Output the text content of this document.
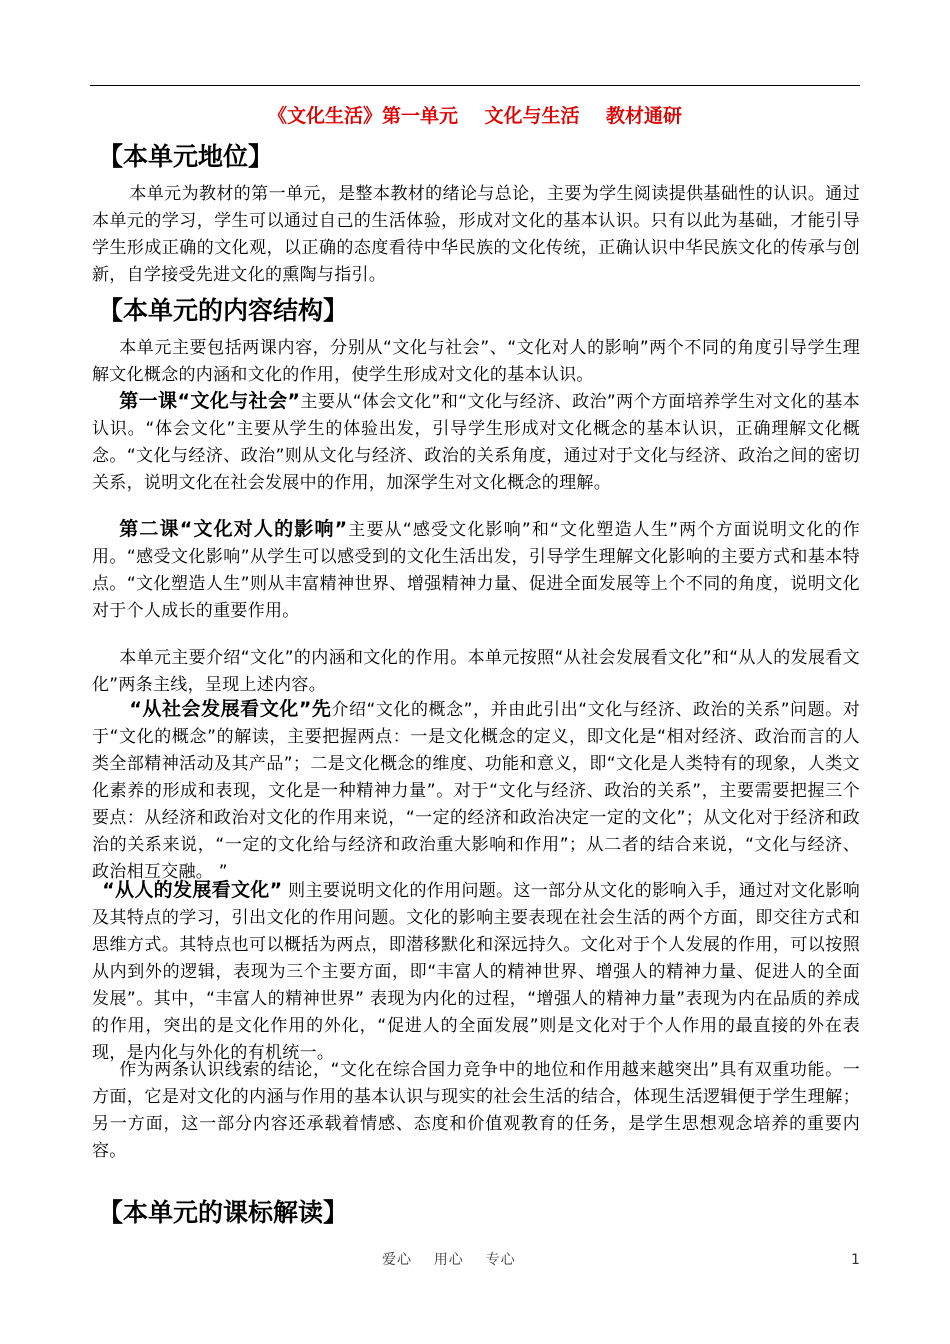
《文化生活》第一单元    文化与生活    教材通研
【本单元地位】
本单元为教材的第一单元，是整本教材的绪论与总论，主要为学生阅读提供基础性的认识。通过本单元的学习，学生可以通过自己的生活体验，形成对文化的基本认识。只有以此为基础，才能引导学生形成正确的文化观，以正确的态度看待中华民族的文化传统，正确认识中华民族文化的传承与创新，自学接受先进文化的熏陶与指引。
【本单元的内容结构】
本单元主要包括两课内容，分别从“文化与社会”、“文化对人的影响”两个不同的角度引导学生理解文化概念的内涵和文化的作用，使学生形成对文化的基本认识。
第一课“文化与社会”主要从“体会文化”和“文化与经济、政治”两个方面培养学生对文化的基本认识。“体会文化”主要从学生的体验出发，引导学生形成对文化概念的基本认识，正确理解文化概念。“文化与经济、政治”则从文化与经济、政治的关系角度，通过对于文化与经济、政治之间的密切关系，说明文化在社会发展中的作用，加深学生对文化概念的理解。
第二课“文化对人的影响”主要从“感受文化影响”和“文化塑造人生”两个方面说明文化的作用。“感受文化影响”从学生可以感受到的文化生活出发，引导学生理解文化影响的主要方式和基本特点。“文化塑造人生”则从丰富精神世界、增强精神力量、促进全面发展等上个不同的角度，说明文化对于个人成长的重要作用。
本单元主要介绍“文化”的内涵和文化的作用。本单元按照“从社会发展看文化”和“从人的发展看文化”两条主线，呈现上述内容。
“从社会发展看文化”先介绍“文化的概念”，并由此引出“文化与经济、政治的关系”问题。对于“文化的概念”的解读，主要把握两点：一是文化概念的定义，即文化是“相对经济、政治而言的人类全部精神活动及其产品”；二是文化概念的维度、功能和意义，即“文化是人类特有的现象，人类文化素养的形成和表现，文化是一种精神力量”。对于“文化与经济、政治的关系”，主要需要把握三个要点：从经济和政治对文化的作用来说，“一定的经济和政治决定一定的文化”；从文化对于经济和政治的关系来说，“一定的文化给与经济和政治重大影响和作用”；从二者的结合来说，“文化与经济、政治相互交融。 ”
“从人的发展看文化” 则主要说明文化的作用问题。这一部分从文化的影响入手，通过对文化影响及其特点的学习，引出文化的作用问题。文化的影响主要表现在社会生活的两个方面，即交往方式和思维方式。其特点也可以概括为两点，即潜移默化和深远持久。文化对于个人发展的作用，可以按照从内到外的逻辑，表现为三个主要方面，即“丰富人的精神世界、增强人的精神力量、促进人的全面发展”。其中，“丰富人的精神世界” 表现为内化的过程，“增强人的精神力量”表现为内在品质的养成的作用，突出的是文化作用的外化，“促进人的全面发展”则是文化对于个人作用的最直接的外在表现，是内化与外化的有机统一。
作为两条认识线索的结论，“文化在综合国力竞争中的地位和作用越来越突出”具有双重功能。一方面，它是对文化的内涵与作用的基本认识与现实的社会生活的结合，体现生活逻辑便于学生理解；另一方面，这一部分内容还承载着情感、态度和价值观教育的任务，是学生思想观念培养的重要内容。
【本单元的课标解读】
爱心    用心    专心	1
